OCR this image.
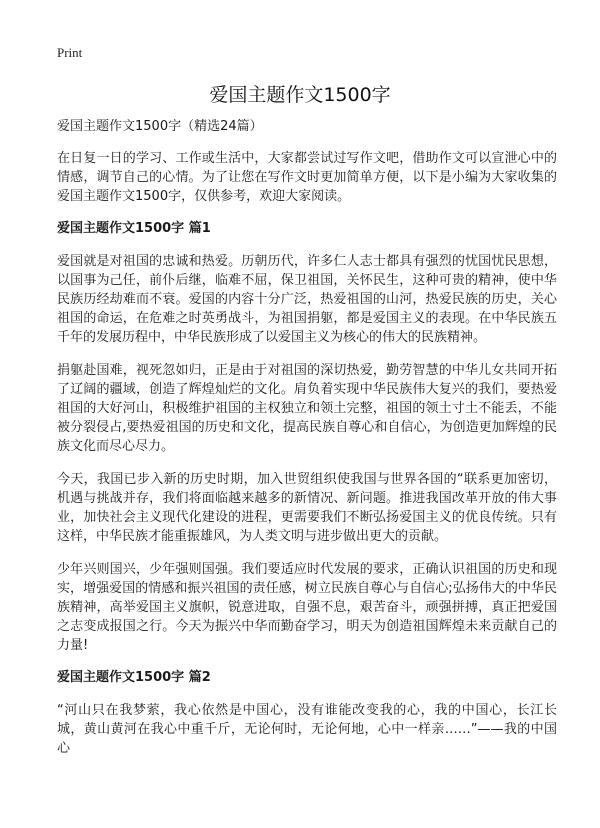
Print
爱国主题作文1500字

爱国主题作文1500字（精选24篇）

在日复一日的学习、工作或生活中，大家都尝试过写作文吧，借助作文可以宣泄心中的情感，调节自己的心情。为了让您在写作文时更加简单方便，以下是小编为大家收集的爱国主题作文1500字，仅供参考，欢迎大家阅读。

爱国主题作文1500字 篇1

爱国就是对祖国的忠诚和热爱。历朝历代，许多仁人志士都具有强烈的忧国忧民思想，以国事为己任，前仆后继，临难不屈，保卫祖国，关怀民生，这种可贵的精神，使中华民族历经劫难而不衰。爱国的内容十分广泛，热爱祖国的山河，热爱民族的历史，关心祖国的命运，在危难之时英勇战斗，为祖国捐躯，都是爱国主义的表现。在中华民族五千年的发展历程中，中华民族形成了以爱国主义为核心的伟大的民族精神。

捐躯赴国难，视死忽如归，正是由于对祖国的深切热爱，勤劳智慧的中华儿女共同开拓了辽阔的疆域，创造了辉煌灿烂的文化。肩负着实现中华民族伟大复兴的我们，要热爱祖国的大好河山，积极维护祖国的主权独立和领土完整，祖国的领土寸土不能丢，不能被分裂侵占,要热爱祖国的历史和文化，提高民族自尊心和自信心，为创造更加辉煌的民族文化而尽心尽力。

今天，我国已步入新的历史时期，加入世贸组织使我国与世界各国的“联系更加密切，机遇与挑战并存，我们将面临越来越多的新情况、新问题。推进我国改革开放的伟大事业，加快社会主义现代化建设的进程，更需要我们不断弘扬爱国主义的优良传统。只有这样，中华民族才能重振雄风，为人类文明与进步做出更大的贡献。

少年兴则国兴，少年强则国强。我们要适应时代发展的要求，正确认识祖国的历史和现实，增强爱国的情感和振兴祖国的责任感，树立民族自尊心与自信心;弘扬伟大的中华民族精神，高举爱国主义旗帜，锐意进取，自强不息，艰苦奋斗，顽强拼搏，真正把爱国之志变成报国之行。今天为振兴中华而勤奋学习，明天为创造祖国辉煌未来贡献自己的力量!

爱国主题作文1500字 篇2

“河山只在我梦萦，我心依然是中国心，没有谁能改变我的心，我的中国心，长江长城，黄山黄河在我心中重千斤，无论何时，无论何地，心中一样亲……”——我的中国心
